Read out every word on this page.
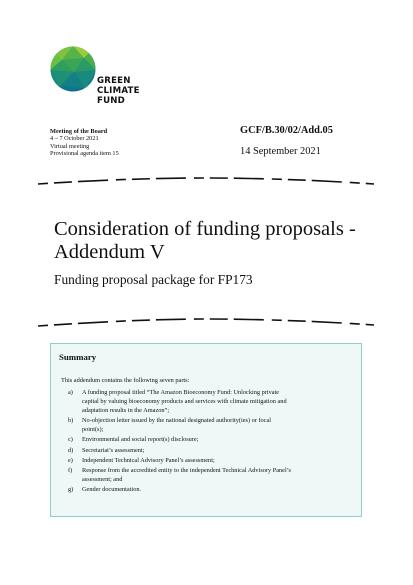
GREEN
CLIMATE
FUND
Meeting of the Board
4 – 7 October 2021
Virtual meeting
Provisional agenda item 15
GCF/B.30/02/Add.05
14 September 2021
Consideration of funding proposals -
Addendum V
Funding proposal package for FP173
Summary
This addendum contains the following seven parts:
a) A funding proposal titled “The Amazon Bioeconomy Fund: Unlocking private
capital by valuing bioeconomy products and services with climate mitigation and
adaptation results in the Amazon”;
b) No-objection letter issued by the national designated authority(ies) or focal
point(s);
c) Environmental and social report(s) disclosure;
d) Secretariat’s assessment;
e) Independent Technical Advisory Panel’s assessment;
f) Response from the accredited entity to the independent Technical Advisory Panel’s
assessment; and
g) Gender documentation.
